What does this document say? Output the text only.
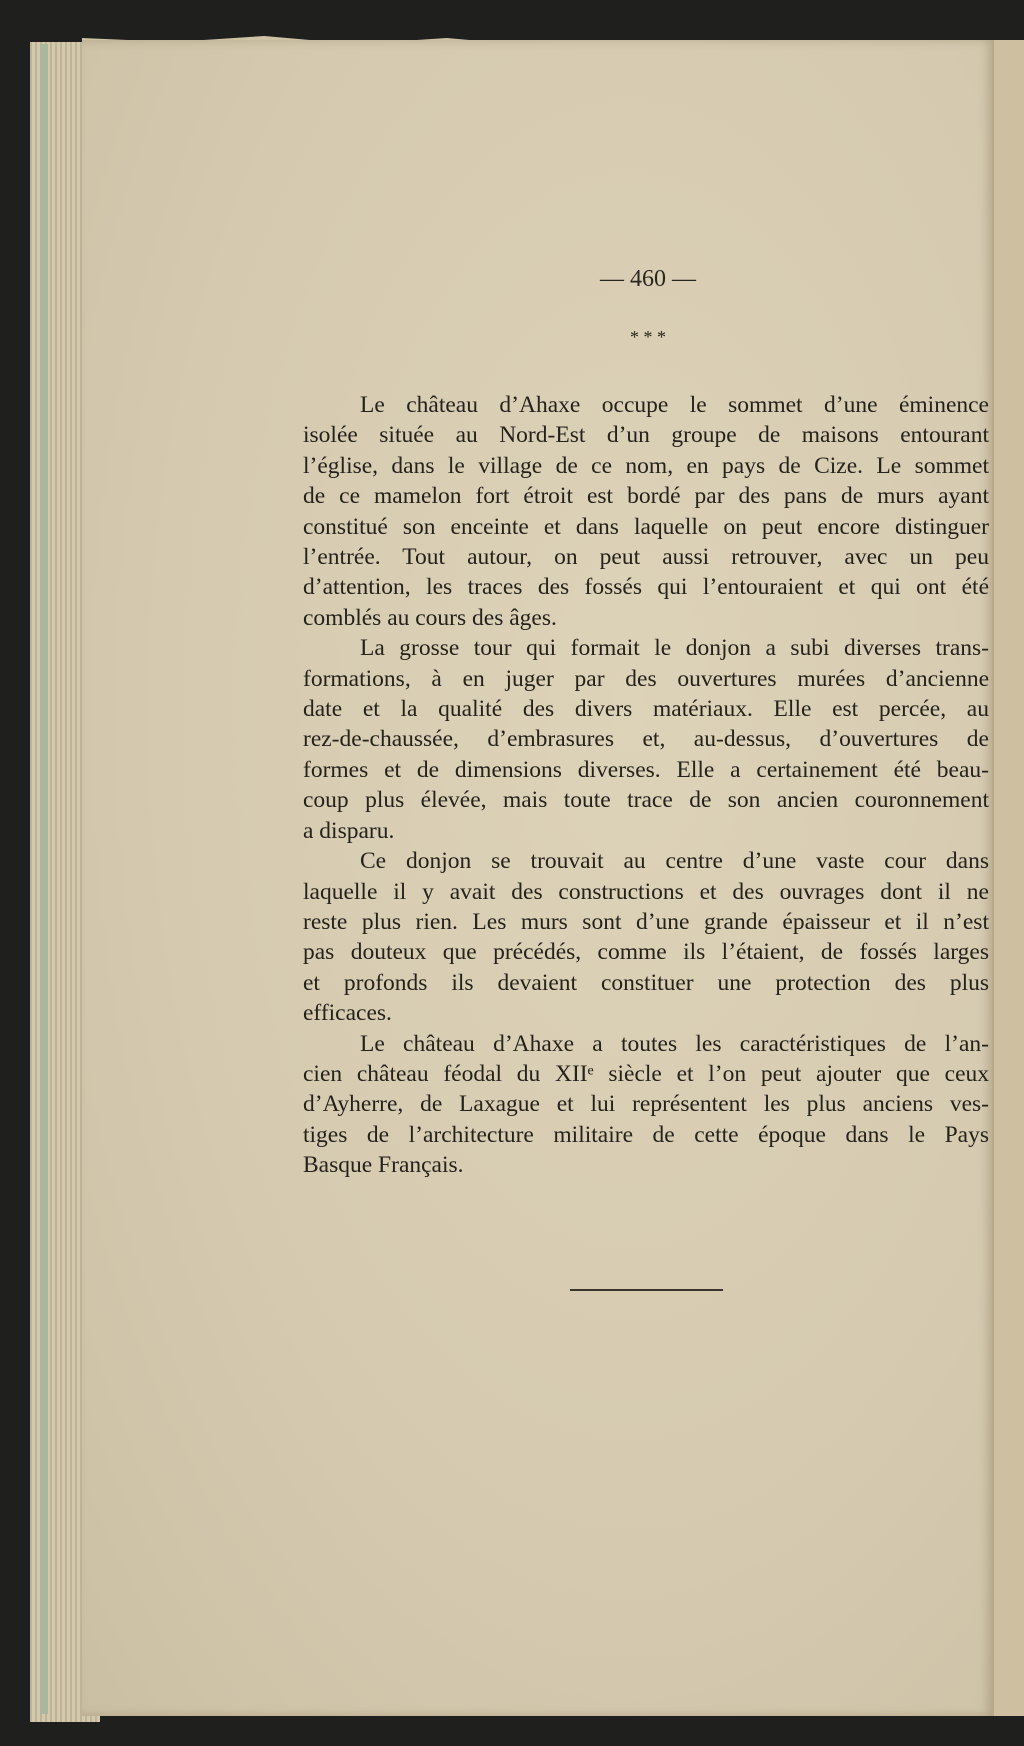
— 460 —
* * *
Le château d’Ahaxe occupe le sommet d’une éminence
isolée située au Nord-Est d’un groupe de maisons entourant
l’église, dans le village de ce nom, en pays de Cize. Le sommet
de ce mamelon fort étroit est bordé par des pans de murs ayant
constitué son enceinte et dans laquelle on peut encore distinguer
l’entrée. Tout autour, on peut aussi retrouver, avec un peu
d’attention, les traces des fossés qui l’entouraient et qui ont été
comblés au cours des âges.
La grosse tour qui formait le donjon a subi diverses trans-
formations, à en juger par des ouvertures murées d’ancienne
date et la qualité des divers matériaux. Elle est percée, au
rez-de-chaussée, d’embrasures et, au-dessus, d’ouvertures de
formes et de dimensions diverses. Elle a certainement été beau-
coup plus élevée, mais toute trace de son ancien couronnement
a disparu.
Ce donjon se trouvait au centre d’une vaste cour dans
laquelle il y avait des constructions et des ouvrages dont il ne
reste plus rien. Les murs sont d’une grande épaisseur et il n’est
pas douteux que précédés, comme ils l’étaient, de fossés larges
et profonds ils devaient constituer une protection des plus
efficaces.
Le château d’Ahaxe a toutes les caractéristiques de l’an-
cien château féodal du XIIᵉ siècle et l’on peut ajouter que ceux
d’Ayherre, de Laxague et lui représentent les plus anciens ves-
tiges de l’architecture militaire de cette époque dans le Pays
Basque Français.
